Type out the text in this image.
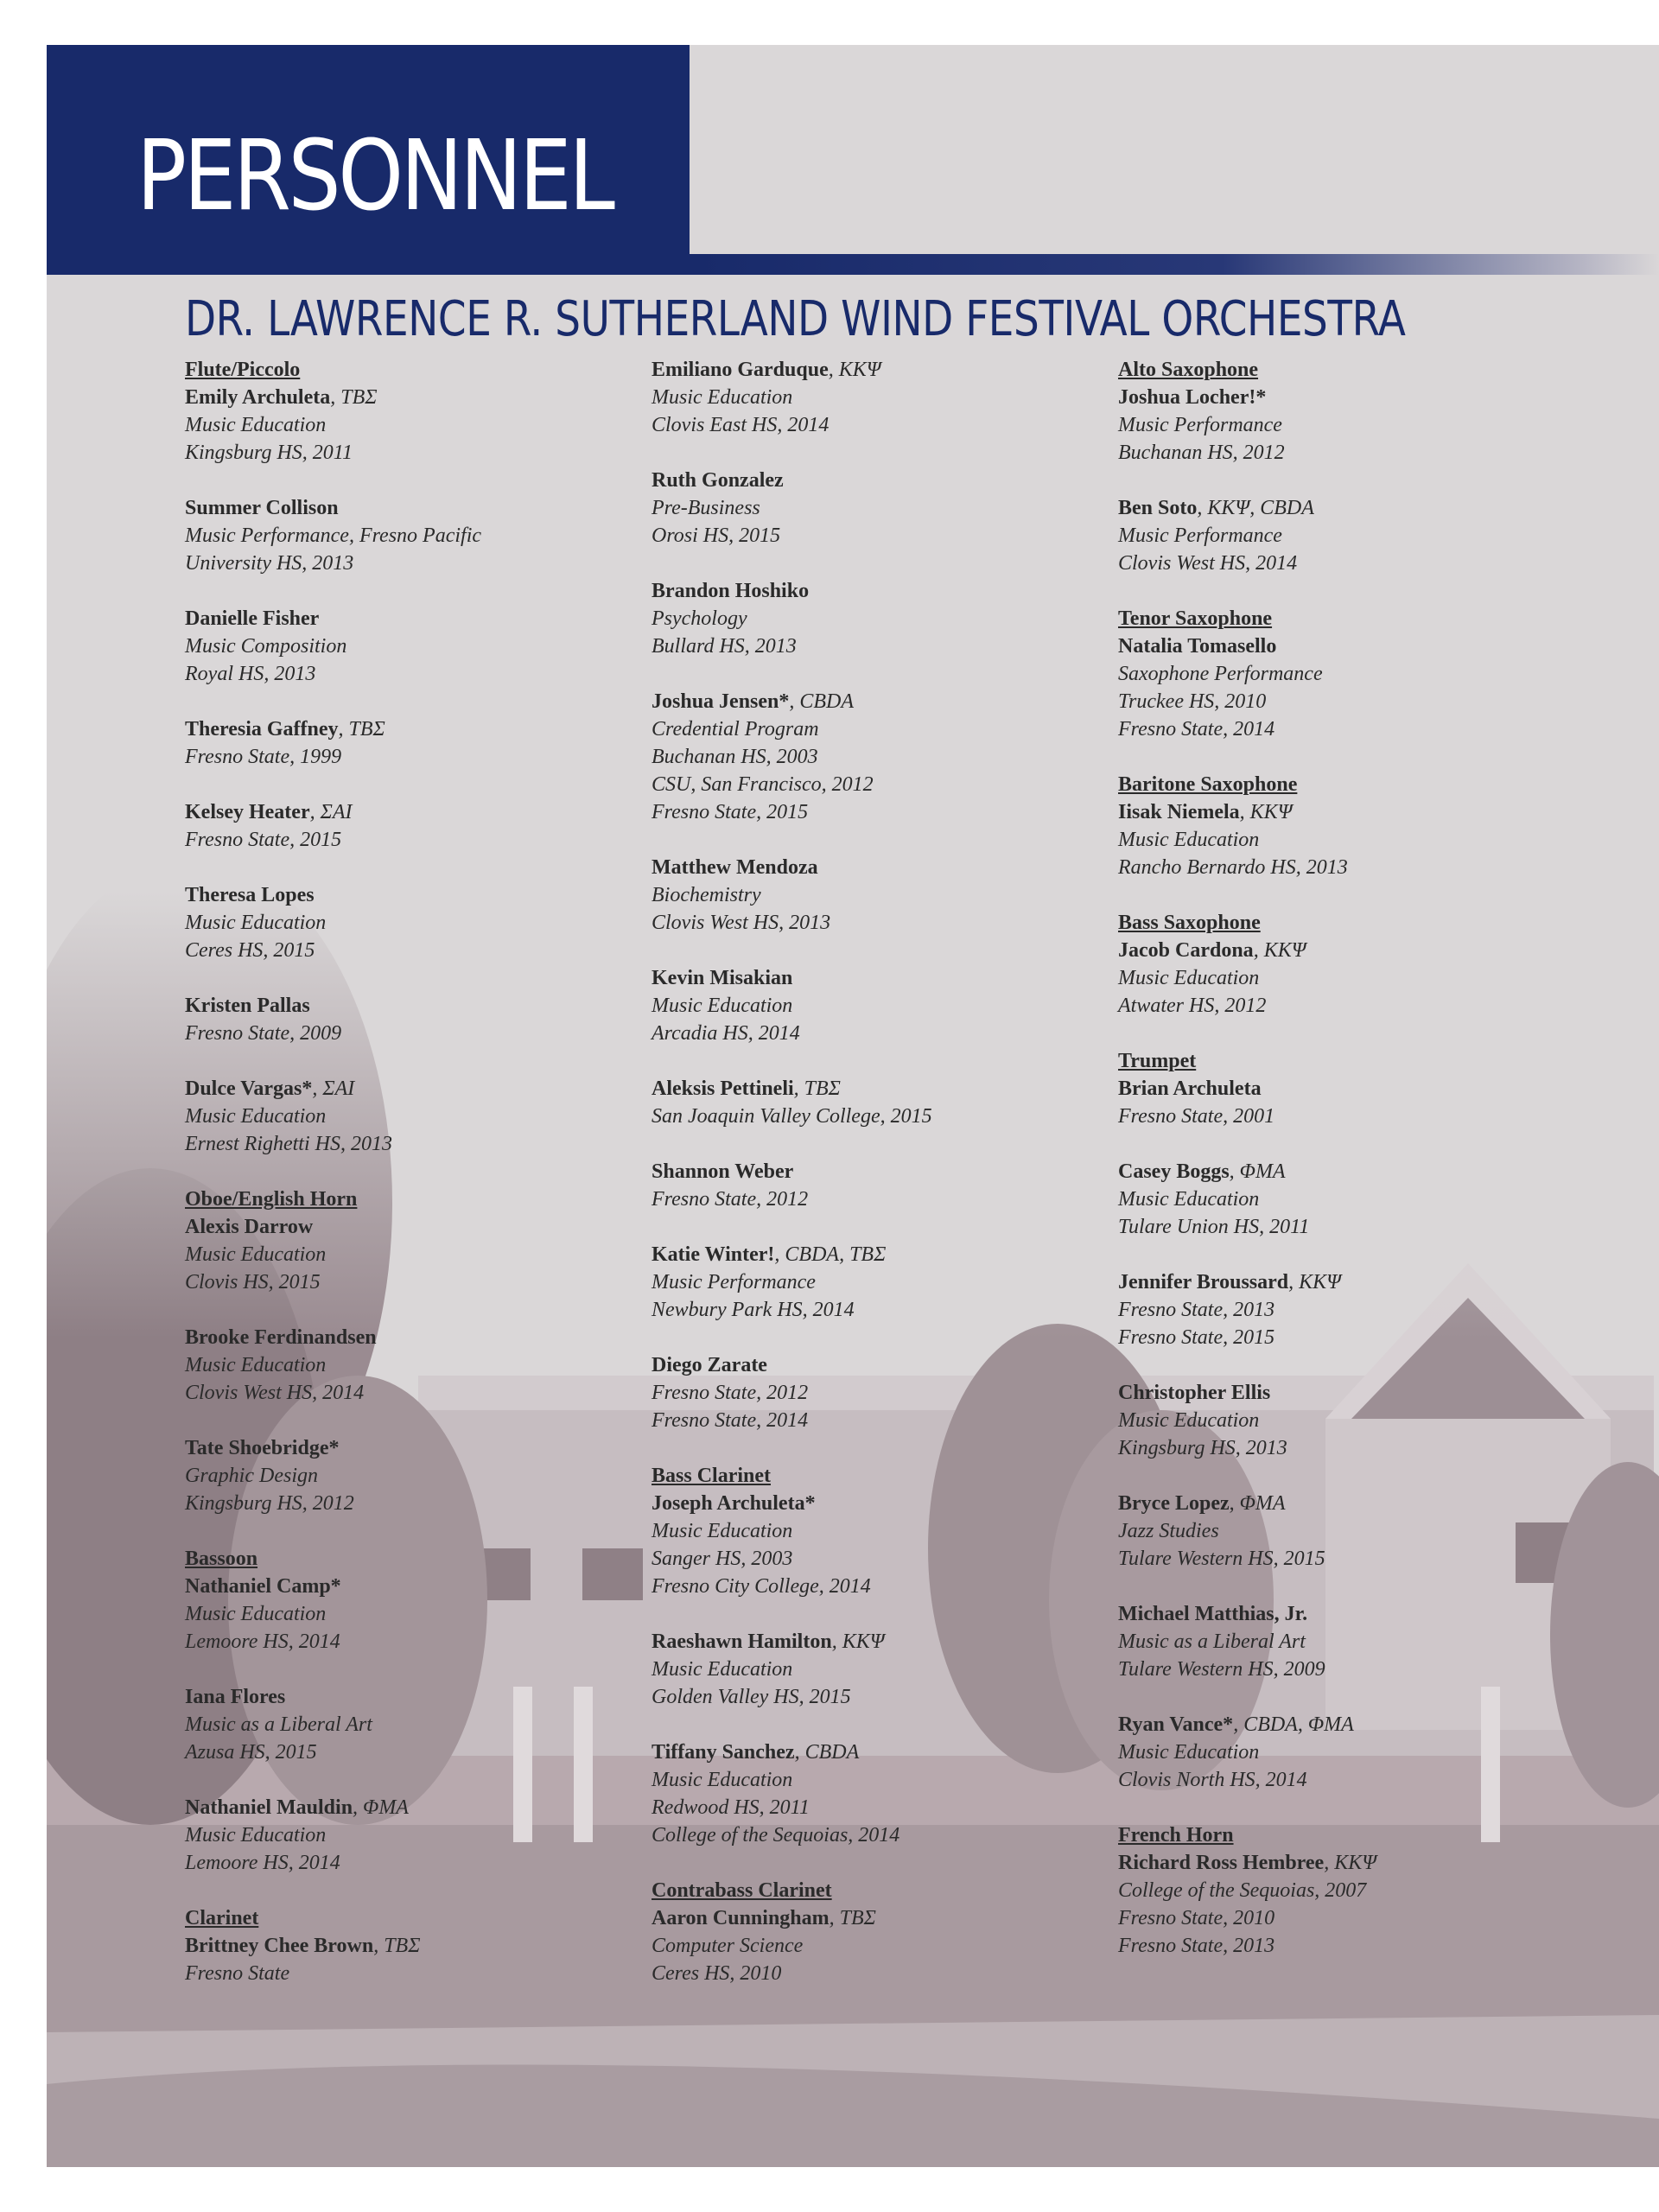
PERSONNEL
DR. LAWRENCE R. SUTHERLAND WIND FESTIVAL ORCHESTRA
Flute/Piccolo
Emily Archuleta, ΤΒΣ
Music Education
Kingsburg HS, 2011
Summer Collison
Music Performance, Fresno Pacific
University HS, 2013
Danielle Fisher
Music Composition
Royal HS, 2013
Theresia Gaffney, ΤΒΣ
Fresno State, 1999
Kelsey Heater, ΣΑΙ
Fresno State, 2015
Theresa Lopes
Music Education
Ceres HS, 2015
Kristen Pallas
Fresno State, 2009
Dulce Vargas*, ΣΑΙ
Music Education
Ernest Righetti HS, 2013
Oboe/English Horn
Alexis Darrow
Music Education
Clovis HS, 2015
Brooke Ferdinandsen
Music Education
Clovis West HS, 2014
Tate Shoebridge*
Graphic Design
Kingsburg HS, 2012
Bassoon
Nathaniel Camp*
Music Education
Lemoore HS, 2014
Iana Flores
Music as a Liberal Art
Azusa HS, 2015
Nathaniel Mauldin, ΦΜΑ
Music Education
Lemoore HS, 2014
Clarinet
Brittney Chee Brown, ΤΒΣ
Fresno State
Emiliano Garduque, ΚΚΨ
Music Education
Clovis East HS, 2014
Ruth Gonzalez
Pre-Business
Orosi HS, 2015
Brandon Hoshiko
Psychology
Bullard HS, 2013
Joshua Jensen*, CBDA
Credential Program
Buchanan HS, 2003
CSU, San Francisco, 2012
Fresno State, 2015
Matthew Mendoza
Biochemistry
Clovis West HS, 2013
Kevin Misakian
Music Education
Arcadia HS, 2014
Aleksis Pettineli, ΤΒΣ
San Joaquin Valley College, 2015
Shannon Weber
Fresno State, 2012
Katie Winter!, CBDA, ΤΒΣ
Music Performance
Newbury Park HS, 2014
Diego Zarate
Fresno State, 2012
Fresno State, 2014
Bass Clarinet
Joseph Archuleta*
Music Education
Sanger HS, 2003
Fresno City College, 2014
Raeshawn Hamilton, ΚΚΨ
Music Education
Golden Valley HS, 2015
Tiffany Sanchez, CBDA
Music Education
Redwood HS, 2011
College of the Sequoias, 2014
Contrabass Clarinet
Aaron Cunningham, ΤΒΣ
Computer Science
Ceres HS, 2010
Alto Saxophone
Joshua Locher!*
Music Performance
Buchanan HS, 2012
Ben Soto, ΚΚΨ, CBDA
Music Performance
Clovis West HS, 2014
Tenor Saxophone
Natalia Tomasello
Saxophone Performance
Truckee HS, 2010
Fresno State, 2014
Baritone Saxophone
Iisak Niemela, ΚΚΨ
Music Education
Rancho Bernardo HS, 2013
Bass Saxophone
Jacob Cardona, ΚΚΨ
Music Education
Atwater HS, 2012
Trumpet
Brian Archuleta
Fresno State, 2001
Casey Boggs, ΦΜΑ
Music Education
Tulare Union HS, 2011
Jennifer Broussard, ΚΚΨ
Fresno State, 2013
Fresno State, 2015
Christopher Ellis
Music Education
Kingsburg HS, 2013
Bryce Lopez, ΦΜΑ
Jazz Studies
Tulare Western HS, 2015
Michael Matthias, Jr.
Music as a Liberal Art
Tulare Western HS, 2009
Ryan Vance*, CBDA, ΦΜΑ
Music Education
Clovis North HS, 2014
French Horn
Richard Ross Hembree, ΚΚΨ
College of the Sequoias, 2007
Fresno State, 2010
Fresno State, 2013
